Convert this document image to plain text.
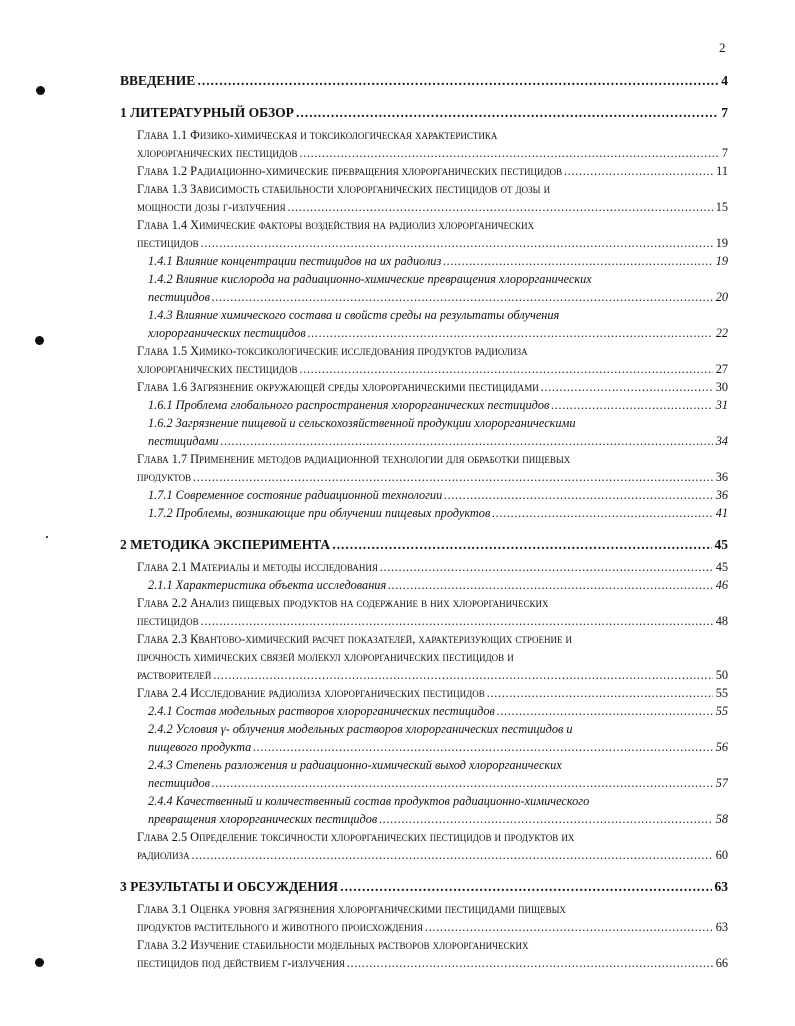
2
ВВЕДЕНИЕ . . .	4
1 ЛИТЕРАТУРНЫЙ ОБЗОР . . .	7
Глава 1.1 Физико-химическая и токсикологическая характеристика
хлорорганических пестицидов . . .	7
Глава 1.2 Радиационно-химические превращения хлорорганических пестицидов . . .	11
Глава 1.3 Зависимость стабильности хлорорганических пестицидов от дозы и
мощности дозы γ-излучения . . .	15
Глава 1.4 Химические факторы воздействия на радиолиз хлорорганических
пестицидов . . .	19
1.4.1 Влияние концентрации пестицидов на их радиолиз . . .	19
1.4.2 Влияние кислорода на радиационно-химические превращения хлорорганических
пестицидов . . .	20
1.4.3 Влияние химического состава и свойств среды на результаты облучения
хлорорганических пестицидов . . .	22
Глава 1.5 Химико-токсикологические исследования продуктов радиолиза
хлорорганических пестицидов . . .	27
Глава 1.6 Загрязнение окружающей среды хлорорганическими пестицидами . . .	30
1.6.1 Проблема глобального распространения хлорорганических пестицидов . . .	31
1.6.2 Загрязнение пищевой и сельскохозяйственной продукции хлорорганическими
пестицидами . . .	34
Глава 1.7 Применение методов радиационной технологии для обработки пищевых
продуктов . . .	36
1.7.1 Современное состояние радиационной технологии . . .	36
1.7.2 Проблемы, возникающие при облучении пищевых продуктов . . .	41
2 МЕТОДИКА ЭКСПЕРИМЕНТА . . .	45
Глава 2.1 Материалы и методы исследования . . .	45
2.1.1 Характеристика объекта исследования . . .	46
Глава 2.2 Анализ пищевых продуктов на содержание в них хлорорганических
пестицидов . . .	48
Глава 2.3 Квантово-химический расчет показателей, характеризующих строение и
прочность химических связей молекул хлорорганических пестицидов и
растворителей . . .	50
Глава 2.4 Исследование радиолиза хлорорганических пестицидов . . .	55
2.4.1 Состав модельных растворов хлорорганических пестицидов . . .	55
2.4.2 Условия γ- облучения модельных растворов хлорорганических пестицидов и
пищевого продукта . . .	56
2.4.3 Степень разложения и радиационно-химический выход хлорорганических
пестицидов . . .	57
2.4.4 Качественный и количественный состав продуктов радиационно-химического
превращения хлорорганических пестицидов . . .	58
Глава 2.5 Определение токсичности хлорорганических пестицидов и продуктов их
радиолиза . . .	60
3 РЕЗУЛЬТАТЫ И ОБСУЖДЕНИЯ . . .	63
Глава 3.1 Оценка уровня загрязнения хлорорганическими пестицидами пищевых
продуктов растительного и животного происхождения . . .	63
Глава 3.2 Изучение стабильности модельных растворов хлорорганических
пестицидов под действием γ-излучения . . .	66
